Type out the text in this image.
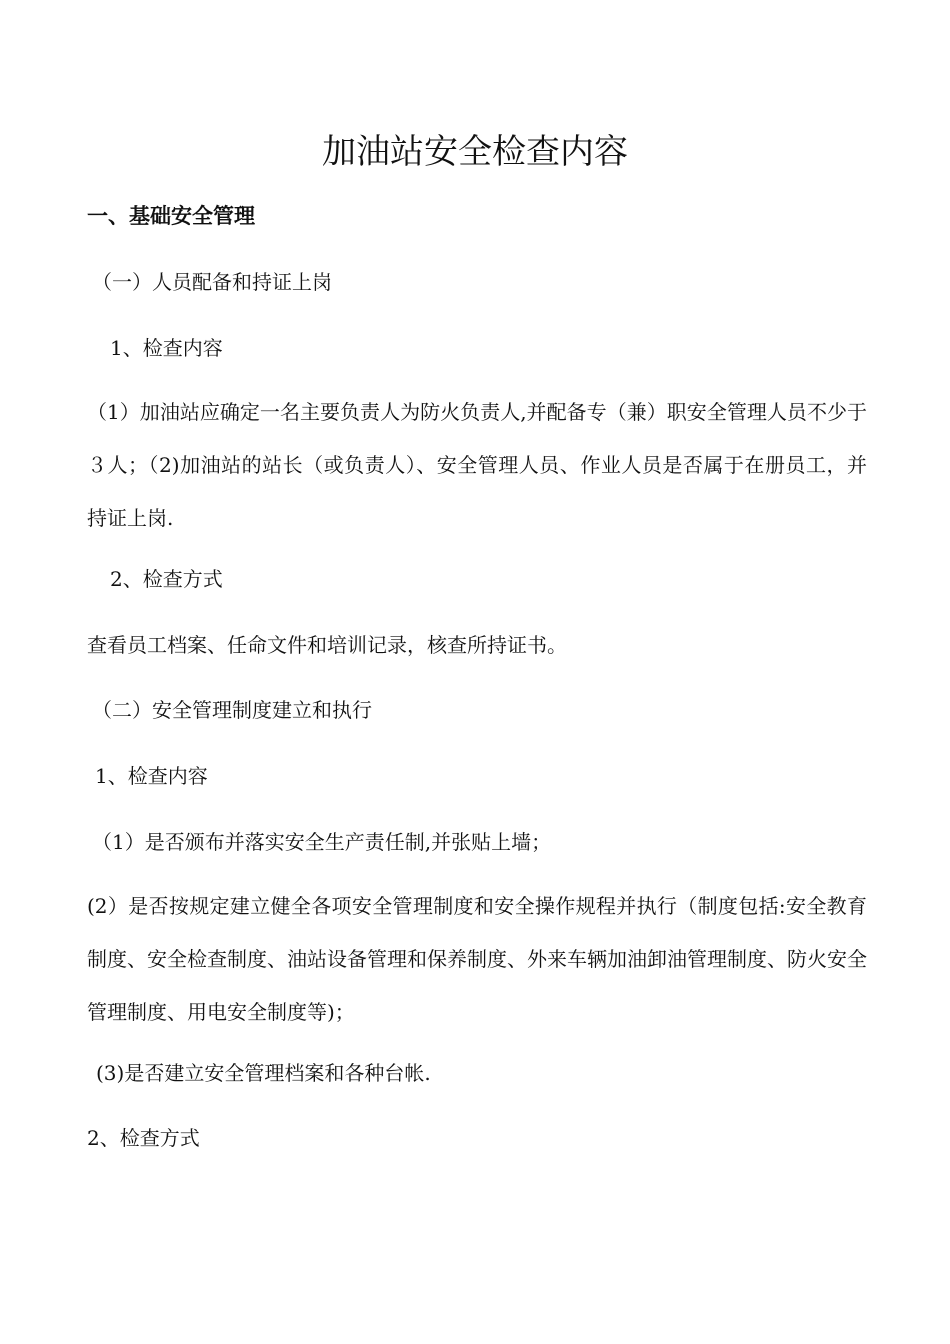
加油站安全检查内容
一、基础安全管理
（一）人员配备和持证上岗
1、检查内容
（1）加油站应确定一名主要负责人为防火负责人,并配备专（兼）职安全管理人员不少于３人；（2)加油站的站长（或负责人）、安全管理人员、作业人员是否属于在册员工，并持证上岗.
2、检查方式
查看员工档案、任命文件和培训记录，核查所持证书。
（二）安全管理制度建立和执行
1、检查内容
（1）是否颁布并落实安全生产责任制,并张贴上墙；
(2）是否按规定建立健全各项安全管理制度和安全操作规程并执行（制度包括:安全教育制度、安全检查制度、油站设备管理和保养制度、外来车辆加油卸油管理制度、防火安全管理制度、用电安全制度等)；
(3)是否建立安全管理档案和各种台帐.
2、检查方式
